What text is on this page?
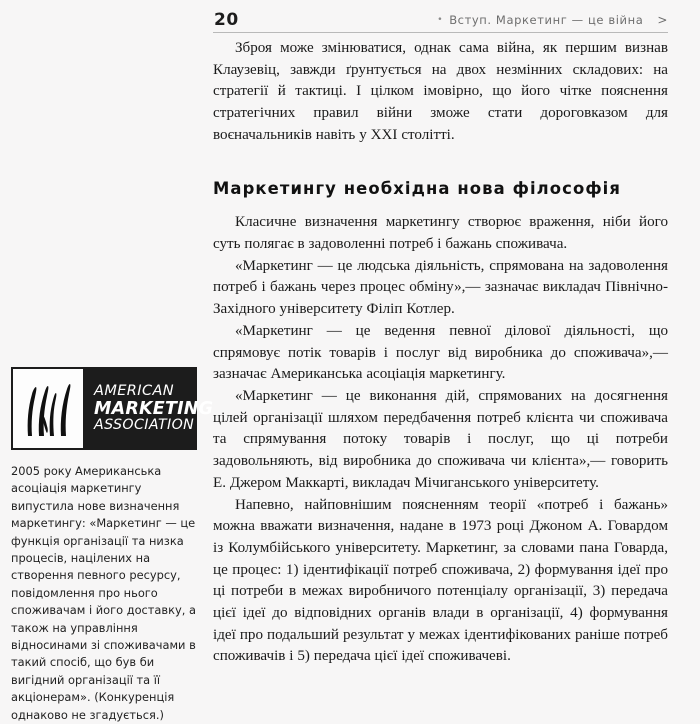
20	• Вступ. Маркетинг — це війна >

Зброя може змінюватися, однак сама війна, як першим визнав Клаузевіц, завжди ґрунтується на двох незмінних складових: на стратегії й тактиці. І цілком імовірно, що його чітке пояснення стратегічних правил війни зможе стати дороговказом для воєначальників навіть у XXI столітті.

Маркетингу необхідна нова філософія

Класичне визначення маркетингу створює враження, ніби його суть полягає в задоволенні потреб і бажань споживача.

«Маркетинг — це людська діяльність, спрямована на задоволення потреб і бажань через процес обміну»,— зазначає викладач Північно-Західного університету Філіп Котлер.

«Маркетинг — це ведення певної ділової діяльності, що спрямовує потік товарів і послуг від виробника до споживача»,— зазначає Американська асоціація маркетингу.

«Маркетинг — це виконання дій, спрямованих на досягнення цілей організації шляхом передбачення потреб клієнта чи споживача та спрямування потоку товарів і послуг, що ці потреби задовольняють, від виробника до споживача чи клієнта»,— говорить Е. Джером Маккарті, викладач Мічиганського університету.

Напевно, найповнішим поясненням теорії «потреб і бажань» можна вважати визначення, надане в 1973 році Джоном А. Говардом із Колумбійського університету. Маркетинг, за словами пана Говарда, це процес: 1) ідентифікації потреб споживача, 2) формування ідеї про ці потреби в межах виробничого потенціалу організації, 3) передача цієї ідеї до відповідних органів влади в організації, 4) формування ідеї про подальший результат у межах ідентифікованих раніше потреб споживачів і 5) передача цієї ідеї споживачеві.

AMERICAN
MARKETING
ASSOCIATION

2005 року Американська асоціація маркетингу випустила нове визначення маркетингу: «Маркетинг — це функція організації та низка процесів, націлених на створення певного ресурсу, повідомлення про нього споживачам і його доставку, а також на управління відносинами зі споживачами в такий спосіб, що був би вигідний організації та її акціонерам». (Конкуренція однаково не згадується.)
